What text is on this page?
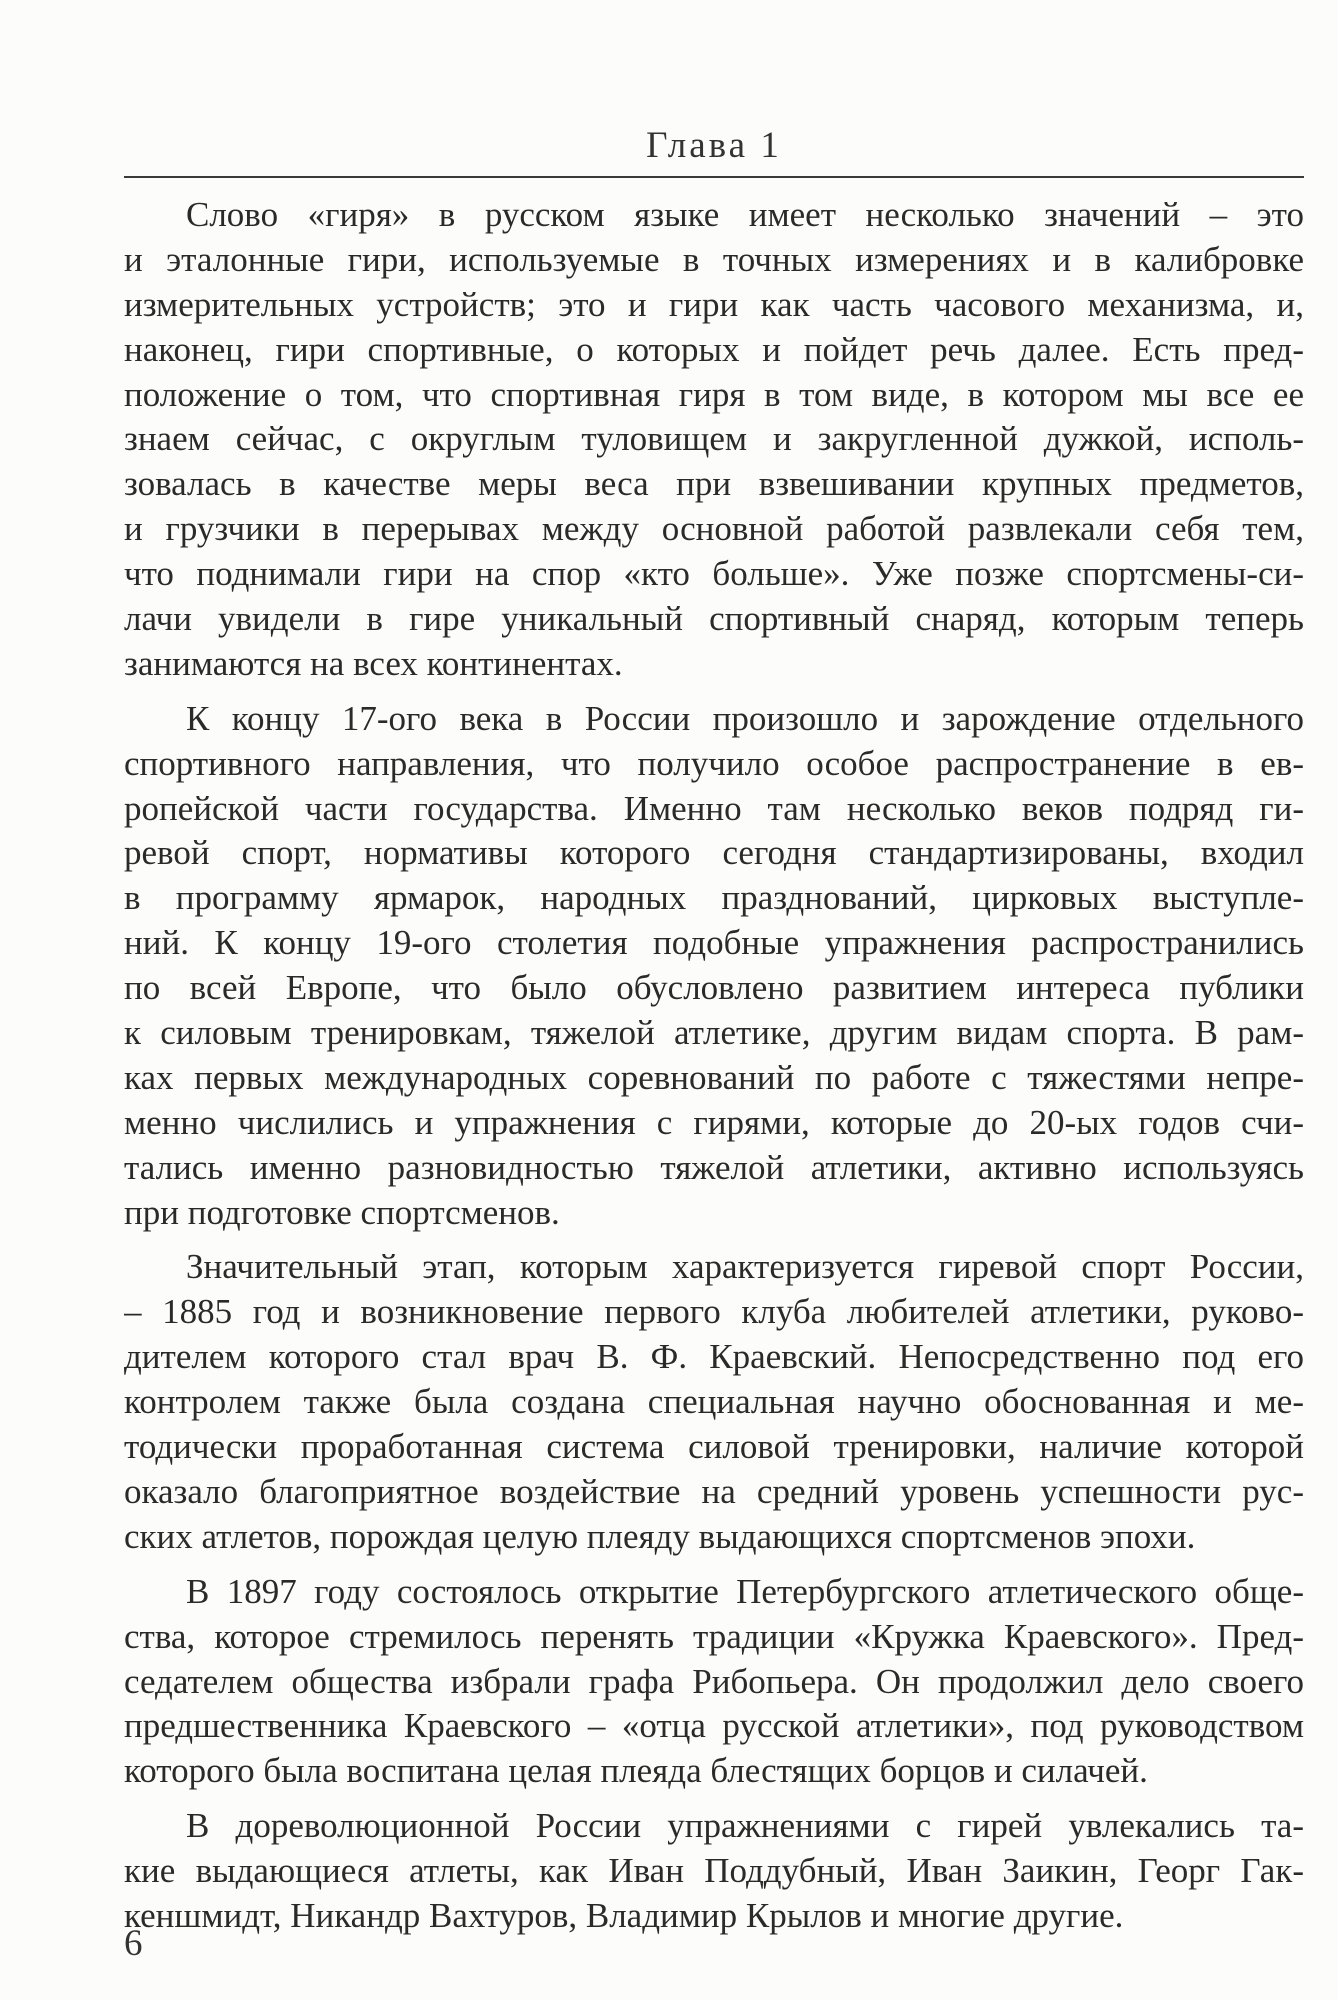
Глава 1
Слово «гиря» в русском языке имеет несколько значений – это
и эталонные гири, используемые в точных измерениях и в калибровке
измерительных устройств; это и гири как часть часового механизма, и,
наконец, гири спортивные, о которых и пойдет речь далее. Есть пред-
положение о том, что спортивная гиря в том виде, в котором мы все ее
знаем сейчас, с округлым туловищем и закругленной дужкой, исполь-
зовалась в качестве меры веса при взвешивании крупных предметов,
и грузчики в перерывах между основной работой развлекали себя тем,
что поднимали гири на спор «кто больше». Уже позже спортсмены-си-
лачи увидели в гире уникальный спортивный снаряд, которым теперь
занимаются на всех континентах.
К концу 17-ого века в России произошло и зарождение отдельного
спортивного направления, что получило особое распространение в ев-
ропейской части государства. Именно там несколько веков подряд ги-
ревой спорт, нормативы которого сегодня стандартизированы, входил
в программу ярмарок, народных празднований, цирковых выступле-
ний. К концу 19-ого столетия подобные упражнения распространились
по всей Европе, что было обусловлено развитием интереса публики
к силовым тренировкам, тяжелой атлетике, другим видам спорта. В рам-
ках первых международных соревнований по работе с тяжестями непре-
менно числились и упражнения с гирями, которые до 20-ых годов счи-
тались именно разновидностью тяжелой атлетики, активно используясь
при подготовке спортсменов.
Значительный этап, которым характеризуется гиревой спорт России,
– 1885 год и возникновение первого клуба любителей атлетики, руково-
дителем которого стал врач В. Ф. Краевский. Непосредственно под его
контролем также была создана специальная научно обоснованная и ме-
тодически проработанная система силовой тренировки, наличие которой
оказало благоприятное воздействие на средний уровень успешности рус-
ских атлетов, порождая целую плеяду выдающихся спортсменов эпохи.
В 1897 году состоялось открытие Петербургского атлетического обще-
ства, которое стремилось перенять традиции «Кружка Краевского». Пред-
седателем общества избрали графа Рибопьера. Он продолжил дело своего
предшественника Краевского – «отца русской атлетики», под руководством
которого была воспитана целая плеяда блестящих борцов и силачей.
В дореволюционной России упражнениями с гирей увлекались та-
кие выдающиеся атлеты, как Иван Поддубный, Иван Заикин, Георг Гак-
кеншмидт, Никандр Вахтуров, Владимир Крылов и многие другие.
6
